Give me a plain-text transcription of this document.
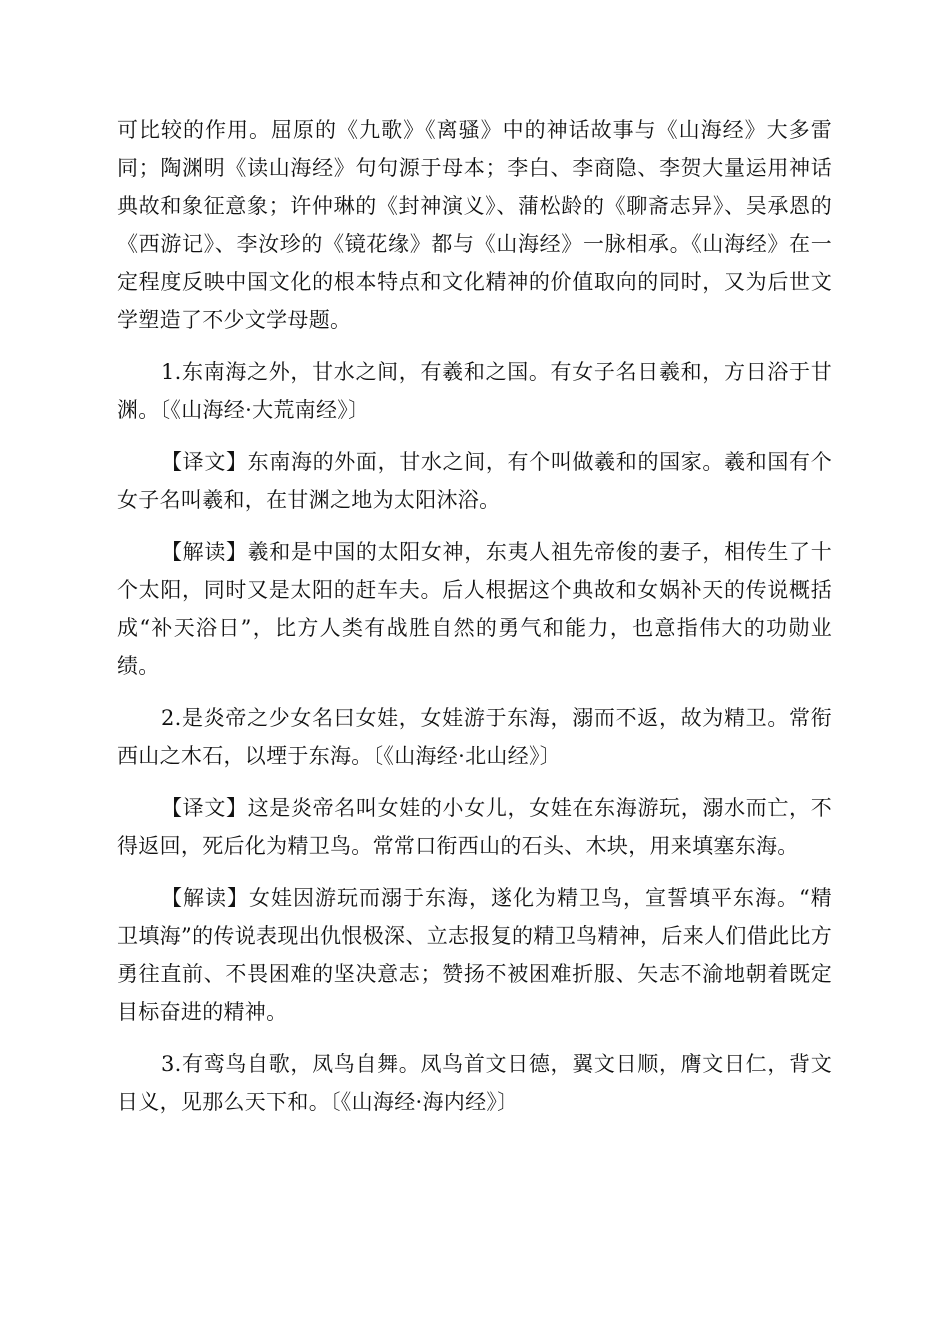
可比较的作用。屈原的《九歌》《离骚》中的神话故事与《山海经》大多雷同；陶渊明《读山海经》句句源于母本；李白、李商隐、李贺大量运用神话典故和象征意象；许仲琳的《封神演义》、蒲松龄的《聊斋志异》、吴承恩的《西游记》、李汝珍的《镜花缘》都与《山海经》一脉相承。《山海经》在一定程度反映中国文化的根本特点和文化精神的价值取向的同时，又为后世文学塑造了不少文学母题。

1.东南海之外，甘水之间，有羲和之国。有女子名日羲和，方日浴于甘渊。〔《山海经·大荒南经》〕

【译文】东南海的外面，甘水之间，有个叫做羲和的国家。羲和国有个女子名叫羲和，在甘渊之地为太阳沐浴。

【解读】羲和是中国的太阳女神，东夷人祖先帝俊的妻子，相传生了十个太阳，同时又是太阳的赶车夫。后人根据这个典故和女娲补天的传说概括成“补天浴日”，比方人类有战胜自然的勇气和能力，也意指伟大的功勋业绩。

2.是炎帝之少女名曰女娃，女娃游于东海，溺而不返，故为精卫。常衔西山之木石，以堙于东海。〔《山海经·北山经》〕

【译文】这是炎帝名叫女娃的小女儿，女娃在东海游玩，溺水而亡，不得返回，死后化为精卫鸟。常常口衔西山的石头、木块，用来填塞东海。

【解读】女娃因游玩而溺于东海，遂化为精卫鸟，宣誓填平东海。“精卫填海”的传说表现出仇恨极深、立志报复的精卫鸟精神，后来人们借此比方勇往直前、不畏困难的坚决意志；赞扬不被困难折服、矢志不渝地朝着既定目标奋进的精神。

3.有鸾鸟自歌，凤鸟自舞。凤鸟首文日德，翼文日顺，膺文日仁，背文日义，见那么天下和。〔《山海经·海内经》〕
